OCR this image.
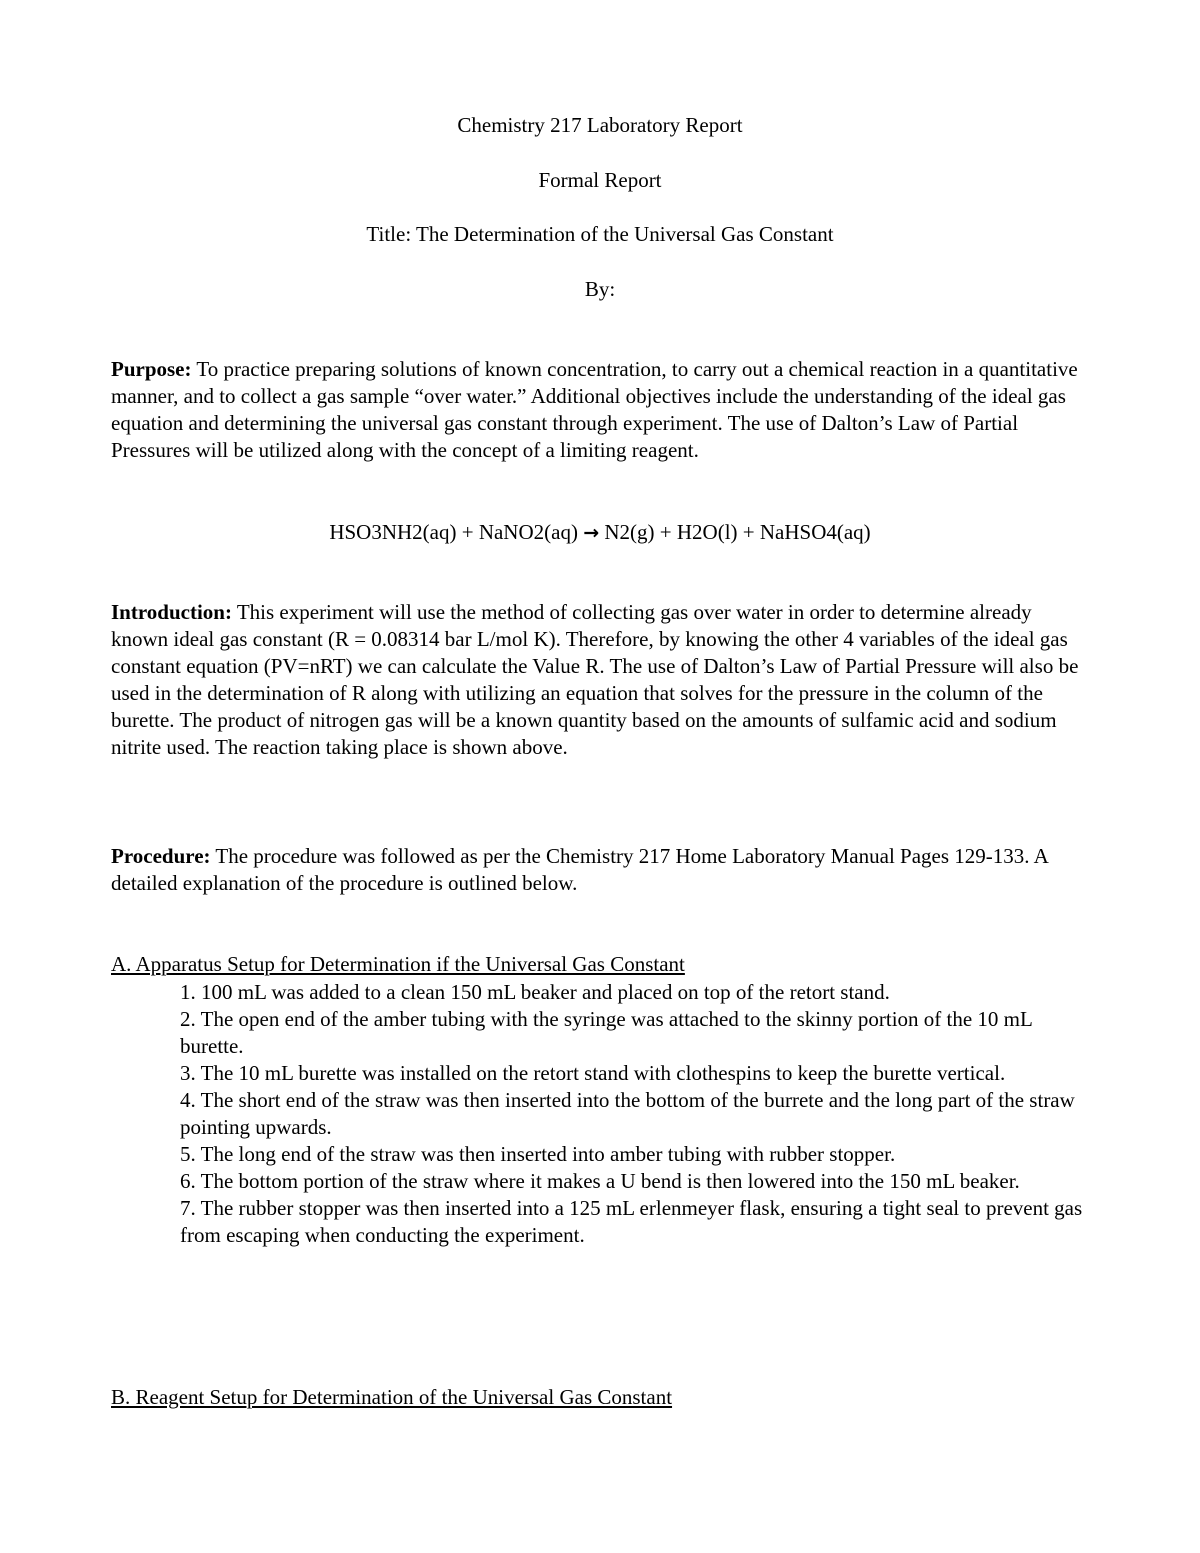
Chemistry 217 Laboratory Report

Formal Report

Title: The Determination of the Universal Gas Constant

By:

Purpose: To practice preparing solutions of known concentration, to carry out a chemical reaction in a quantitative manner, and to collect a gas sample “over water.” Additional objectives include the understanding of the ideal gas equation and determining the universal gas constant through experiment. The use of Dalton’s Law of Partial Pressures will be utilized along with the concept of a limiting reagent.

HSO3NH2(aq) + NaNO2(aq) → N2(g) + H2O(l) + NaHSO4(aq)

Introduction: This experiment will use the method of collecting gas over water in order to determine already known ideal gas constant (R = 0.08314 bar L/mol K). Therefore, by knowing the other 4 variables of the ideal gas constant equation (PV=nRT) we can calculate the Value R. The use of Dalton’s Law of Partial Pressure will also be used in the determination of R along with utilizing an equation that solves for the pressure in the column of the burette. The product of nitrogen gas will be a known quantity based on the amounts of sulfamic acid and sodium nitrite used. The reaction taking place is shown above.

Procedure: The procedure was followed as per the Chemistry 217 Home Laboratory Manual Pages 129-133. A detailed explanation of the procedure is outlined below.

A. Apparatus Setup for Determination if the Universal Gas Constant

1. 100 mL was added to a clean 150 mL beaker and placed on top of the retort stand.
2. The open end of the amber tubing with the syringe was attached to the skinny portion of the 10 mL burette.
3. The 10 mL burette was installed on the retort stand with clothespins to keep the burette vertical.
4. The short end of the straw was then inserted into the bottom of the burrete and the long part of the straw pointing upwards.
5. The long end of the straw was then inserted into amber tubing with rubber stopper.
6. The bottom portion of the straw where it makes a U bend is then lowered into the 150 mL beaker.
7. The rubber stopper was then inserted into a 125 mL erlenmeyer flask, ensuring a tight seal to prevent gas from escaping when conducting the experiment.

B. Reagent Setup for Determination of the Universal Gas Constant
